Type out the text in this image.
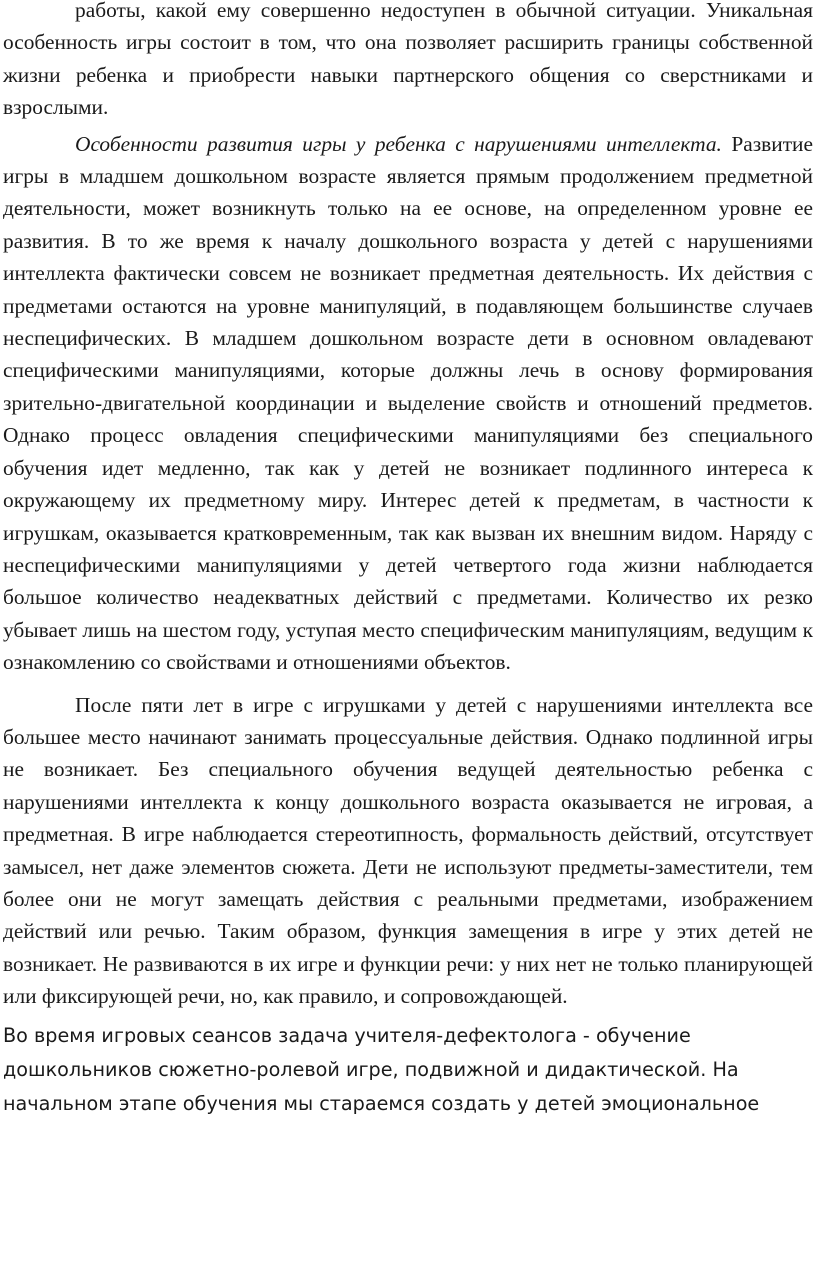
работы, какой ему совершенно недоступен в обычной ситуации. Уникальная особенность игры состоит в том, что она позволяет расширить границы собственной жизни ребенка и приобрести навыки партнерского общения со сверстниками и взрослыми.

Особенности развития игры у ребенка с нарушениями интеллекта. Развитие игры в младшем дошкольном возрасте является прямым продолжением предметной деятельности, может возникнуть только на ее основе, на определенном уровне ее развития. В то же время к началу дошкольного возраста у детей с нарушениями интеллекта фактически совсем не возникает предметная деятельность. Их действия с предметами остаются на уровне манипуляций, в подавляющем большинстве случаев неспецифических. В младшем дошкольном возрасте дети в основном овладевают специфическими манипуляциями, которые должны лечь в основу формирования зрительно-двигательной координации и выделение свойств и отношений предметов. Однако процесс овладения специфическими манипуляциями без специального обучения идет медленно, так как у детей не возникает подлинного интереса к окружающему их предметному миру. Интерес детей к предметам, в частности к игрушкам, оказывается кратковременным, так как вызван их внешним видом. Наряду с неспецифическими манипуляциями у детей четвертого года жизни наблюдается большое количество неадекватных действий с предметами. Количество их резко убывает лишь на шестом году, уступая место специфическим манипуляциям, ведущим к ознакомлению со свойствами и отношениями объектов.

После пяти лет в игре с игрушками у детей с нарушениями интеллекта все большее место начинают занимать процессуальные действия. Однако подлинной игры не возникает. Без специального обучения ведущей деятельностью ребенка с нарушениями интеллекта к концу дошкольного возраста оказывается не игровая, а предметная. В игре наблюдается стереотипность, формальность действий, отсутствует замысел, нет даже элементов сюжета. Дети не используют предметы-заместители, тем более они не могут замещать действия с реальными предметами, изображением действий или речью. Таким образом, функция замещения в игре у этих детей не возникает. Не развиваются в их игре и функции речи: у них нет не только планирующей или фиксирующей речи, но, как правило, и сопровождающей.

Во время игровых сеансов задача учителя-дефектолога - обучение дошкольников сюжетно-ролевой игре, подвижной и дидактической. На начальном этапе обучения мы стараемся создать у детей эмоциональное
